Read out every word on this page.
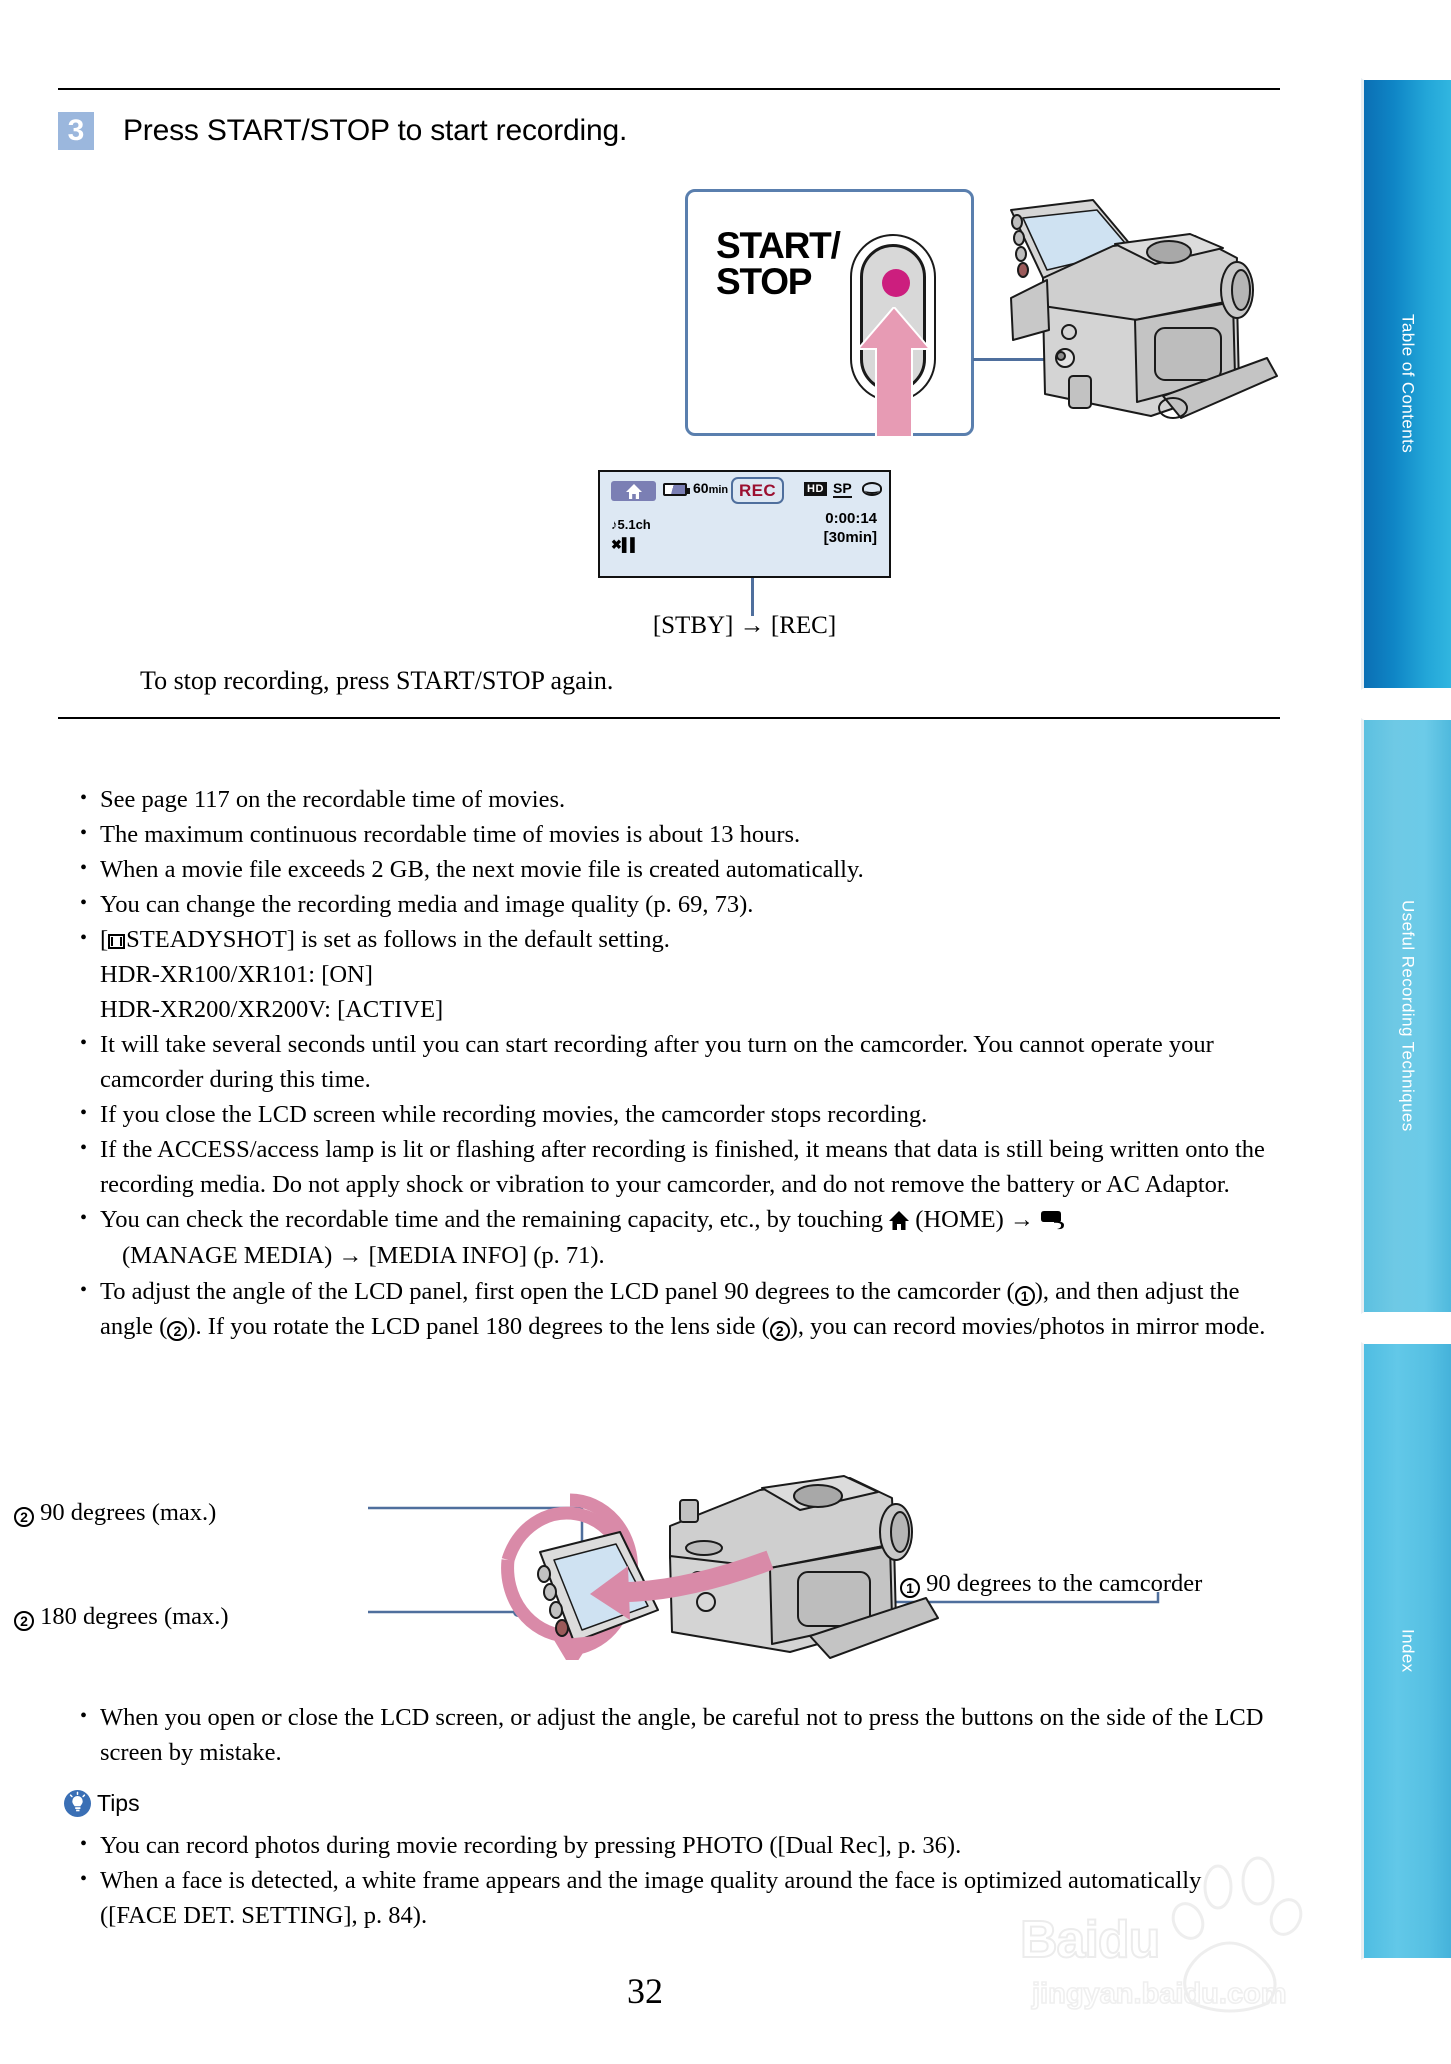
Table of Contents
Useful Recording Techniques
Index
3	Press START/STOP to start recording.
START/
STOP
60min REC	HD SP
♪5.1ch
✖▌▌
0:00:14
[30min]
[STBY] → [REC]
To stop recording, press START/STOP again.
• See page 117 on the recordable time of movies.
• The maximum continuous recordable time of movies is about 13 hours.
• When a movie file exceeds 2 GB, the next movie file is created automatically.
• You can change the recording media and image quality (p. 69, 73).
• [ STEADYSHOT] is set as follows in the default setting.
HDR-XR100/XR101: [ON]
HDR-XR200/XR200V: [ACTIVE]
• It will take several seconds until you can start recording after you turn on the camcorder. You cannot operate your camcorder during this time.
• If you close the LCD screen while recording movies, the camcorder stops recording.
• If the ACCESS/access lamp is lit or flashing after recording is finished, it means that data is still being written onto the recording media. Do not apply shock or vibration to your camcorder, and do not remove the battery or AC Adaptor.
• You can check the recordable time and the remaining capacity, etc., by touching (HOME) →
(MANAGE MEDIA) → [MEDIA INFO] (p. 71).
• To adjust the angle of the LCD panel, first open the LCD panel 90 degrees to the camcorder ( 1 ), and then adjust the angle ( 2 ). If you rotate the LCD panel 180 degrees to the lens side ( 2 ), you can record movies/photos in mirror mode.
2 90 degrees (max.)
2 180 degrees (max.)
1 90 degrees to the camcorder
• When you open or close the LCD screen, or adjust the angle, be careful not to press the buttons on the side of the LCD screen by mistake.
Tips
• You can record photos during movie recording by pressing PHOTO ([Dual Rec], p. 36).
• When a face is detected, a white frame appears and the image quality around the face is optimized automatically ([FACE DET. SETTING], p. 84).	Baidu
jingyan.baidu.com
32
